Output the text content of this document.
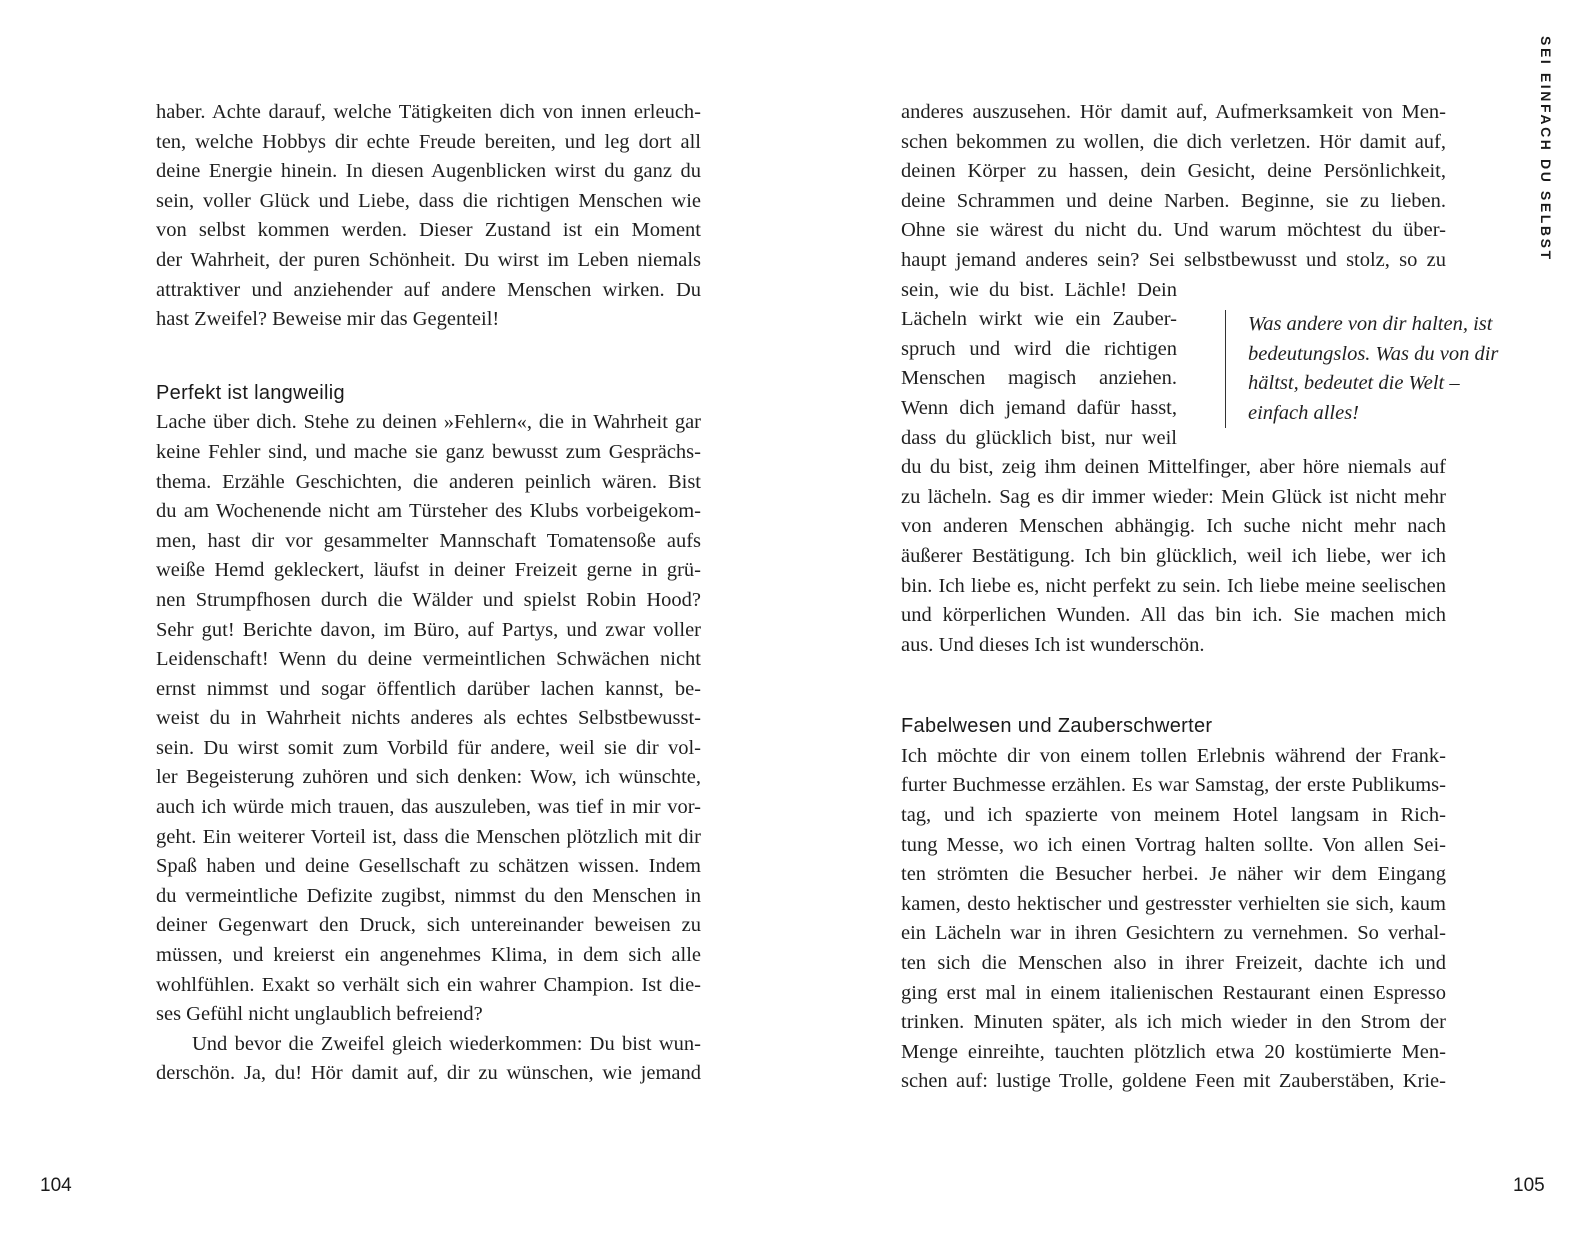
haber. Achte darauf, welche Tätigkeiten dich von innen erleuch-
ten, welche Hobbys dir echte Freude bereiten, und leg dort all
deine Energie hinein. In diesen Augenblicken wirst du ganz du
sein, voller Glück und Liebe, dass die richtigen Menschen wie
von selbst kommen werden. Dieser Zustand ist ein Moment
der Wahrheit, der puren Schönheit. Du wirst im Leben niemals
attraktiver und anziehender auf andere Menschen wirken. Du
hast Zweifel? Beweise mir das Gegenteil!
Perfekt ist langweilig
Lache über dich. Stehe zu deinen »Fehlern«, die in Wahrheit gar
keine Fehler sind, und mache sie ganz bewusst zum Gesprächs-
thema. Erzähle Geschichten, die anderen peinlich wären. Bist
du am Wochenende nicht am Türsteher des Klubs vorbeigekom-
men, hast dir vor gesammelter Mannschaft Tomatensoße aufs
weiße Hemd gekleckert, läufst in deiner Freizeit gerne in grü-
nen Strumpfhosen durch die Wälder und spielst Robin Hood?
Sehr gut! Berichte davon, im Büro, auf Partys, und zwar voller
Leidenschaft! Wenn du deine vermeintlichen Schwächen nicht
ernst nimmst und sogar öffentlich darüber lachen kannst, be-
weist du in Wahrheit nichts anderes als echtes Selbstbewusst-
sein. Du wirst somit zum Vorbild für andere, weil sie dir vol-
ler Begeisterung zuhören und sich denken: Wow, ich wünschte,
auch ich würde mich trauen, das auszuleben, was tief in mir vor-
geht. Ein weiterer Vorteil ist, dass die Menschen plötzlich mit dir
Spaß haben und deine Gesellschaft zu schätzen wissen. Indem
du vermeintliche Defizite zugibst, nimmst du den Menschen in
deiner Gegenwart den Druck, sich untereinander beweisen zu
müssen, und kreierst ein angenehmes Klima, in dem sich alle
wohlfühlen. Exakt so verhält sich ein wahrer Champion. Ist die-
ses Gefühl nicht unglaublich befreiend?
Und bevor die Zweifel gleich wiederkommen: Du bist wun-
derschön. Ja, du! Hör damit auf, dir zu wünschen, wie jemand
anderes auszusehen. Hör damit auf, Aufmerksamkeit von Men-
schen bekommen zu wollen, die dich verletzen. Hör damit auf,
deinen Körper zu hassen, dein Gesicht, deine Persönlichkeit,
deine Schrammen und deine Narben. Beginne, sie zu lieben.
Ohne sie wärest du nicht du. Und warum möchtest du über-
haupt jemand anderes sein? Sei selbstbewusst und stolz, so zu
sein, wie du bist. Lächle! Dein
Lächeln wirkt wie ein Zauber-
spruch und wird die richtigen
Menschen magisch anziehen.
Wenn dich jemand dafür hasst,
dass du glücklich bist, nur weil
du du bist, zeig ihm deinen Mittelfinger, aber höre niemals auf
zu lächeln. Sag es dir immer wieder: Mein Glück ist nicht mehr
von anderen Menschen abhängig. Ich suche nicht mehr nach
äußerer Bestätigung. Ich bin glücklich, weil ich liebe, wer ich
bin. Ich liebe es, nicht perfekt zu sein. Ich liebe meine seelischen
und körperlichen Wunden. All das bin ich. Sie machen mich
aus. Und dieses Ich ist wunderschön.
Fabelwesen und Zauberschwerter
Ich möchte dir von einem tollen Erlebnis während der Frank-
furter Buchmesse erzählen. Es war Samstag, der erste Publikums-
tag, und ich spazierte von meinem Hotel langsam in Rich-
tung Messe, wo ich einen Vortrag halten sollte. Von allen Sei-
ten strömten die Besucher herbei. Je näher wir dem Eingang
kamen, desto hektischer und gestresster verhielten sie sich, kaum
ein Lächeln war in ihren Gesichtern zu vernehmen. So verhal-
ten sich die Menschen also in ihrer Freizeit, dachte ich und
ging erst mal in einem italienischen Restaurant einen Espresso
trinken. Minuten später, als ich mich wieder in den Strom der
Menge einreihte, tauchten plötzlich etwa 20 kostümierte Men-
schen auf: lustige Trolle, goldene Feen mit Zauberstäben, Krie-
Was andere von dir halten, ist
bedeutungslos. Was du von dir
hältst, bedeutet die Welt –
einfach alles!
SEI EINFACH DU SELBST
104	105
